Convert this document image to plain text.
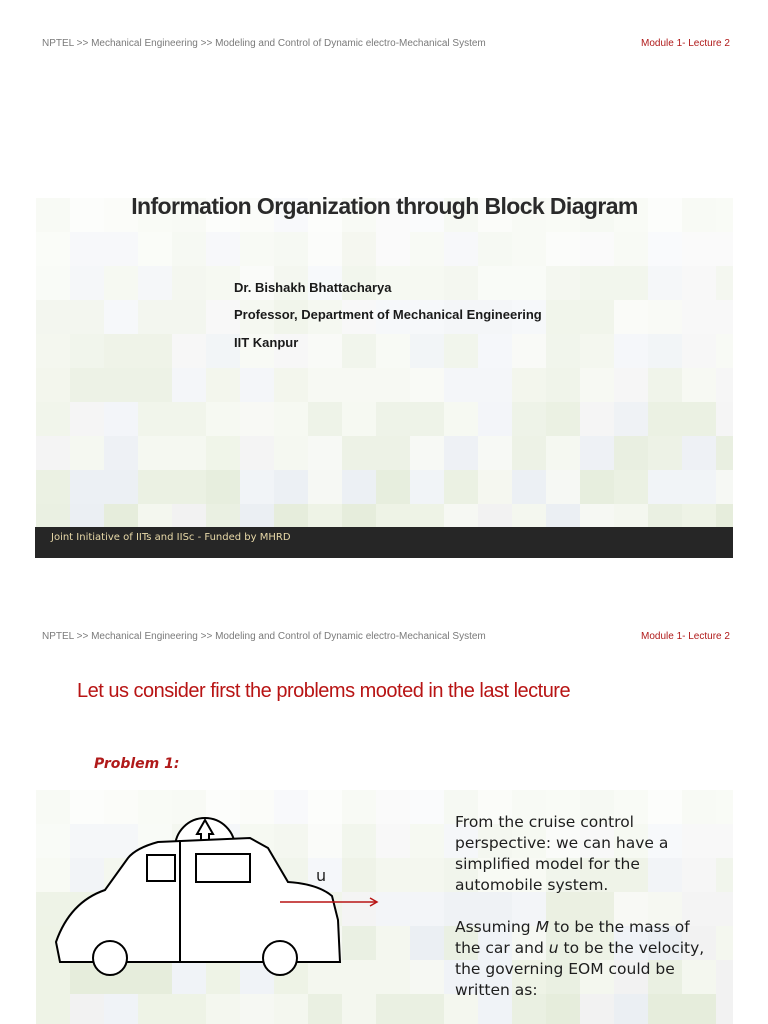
NPTEL >> Mechanical Engineering >> Modeling and Control of Dynamic electro-Mechanical System	Module 1- Lecture 2
Information Organization through Block Diagram
Dr. Bishakh Bhattacharya
Professor, Department of Mechanical Engineering
IIT Kanpur
Joint Initiative of IITs and IISc - Funded by MHRD
NPTEL >> Mechanical Engineering >> Modeling and Control of Dynamic electro-Mechanical System	Module 1- Lecture 2
Let us consider first the problems mooted in the last lecture
Problem 1:
u
From the cruise control perspective: we can have a simplified model for the automobile system.
Assuming M to be the mass of the car and u to be the velocity, the governing EOM could be written as:
